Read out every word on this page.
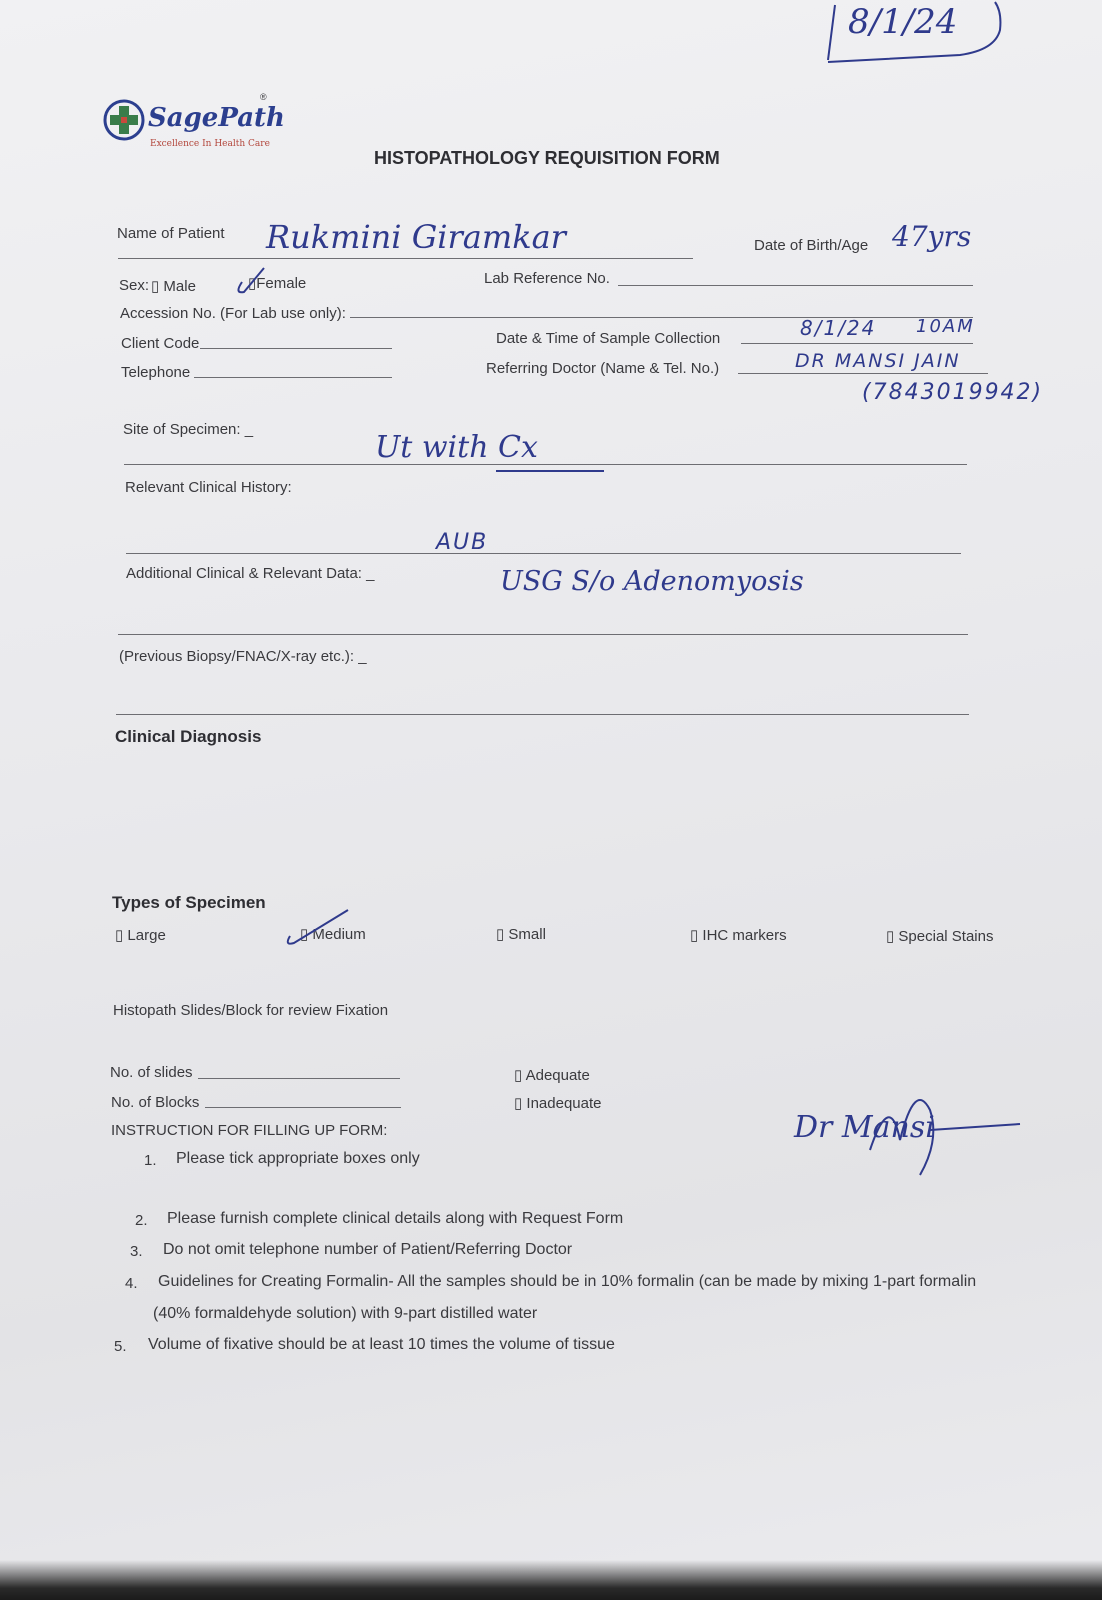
8/1/24
SagePath
®
Excellence In Health Care
HISTOPATHOLOGY REQUISITION FORM
Name of Patient Rukmini Giramkar	Date of Birth/Age 47yrs
Sex: ▯ Male	▯Female	Lab Reference No.
Accession No. (For Lab use only):
Client Code
Telephone
Date & Time of Sample Collection	8/1/24 10AM
Referring Doctor (Name & Tel. No.)	DR MANSI JAIN
(7843019942)
Site of Specimen: _
Ut with Cx
Relevant Clinical History:
AUB
Additional Clinical & Relevant Data: _	USG S/o Adenomyosis
(Previous Biopsy/FNAC/X-ray etc.): _
Clinical Diagnosis
Types of Specimen
▯ Large	▯ Medium	▯ Small	▯ IHC markers	▯ Special Stains
Histopath Slides/Block for review Fixation
No. of slides
No. of Blocks
▯ Adequate
▯ Inadequate
INSTRUCTION FOR FILLING UP FORM:
1. Please tick appropriate boxes only
Dr Mansi
2. Please furnish complete clinical details along with Request Form
3. Do not omit telephone number of Patient/Referring Doctor
4. Guidelines for Creating Formalin- All the samples should be in 10% formalin (can be made by mixing 1-part formalin
(40% formaldehyde solution) with 9-part distilled water
5. Volume of fixative should be at least 10 times the volume of tissue
